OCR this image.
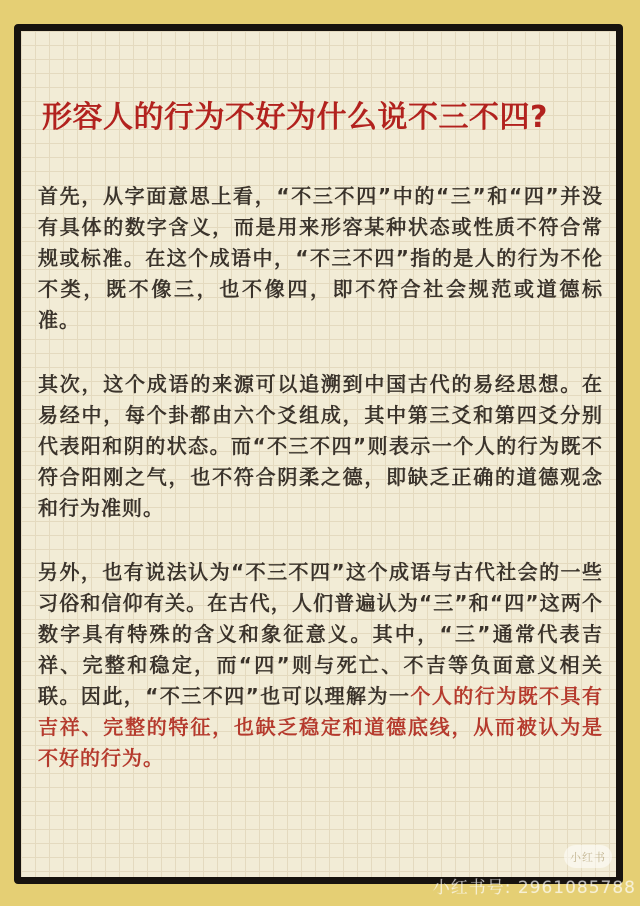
形容人的行为不好为什么说不三不四?

首先，从字面意思上看，“不三不四”中的“三”和“四”并没有具体的数字含义，而是用来形容某种状态或性质不符合常规或标准。在这个成语中，“不三不四”指的是人的行为不伦不类，既不像三，也不像四，即不符合社会规范或道德标准。

其次，这个成语的来源可以追溯到中国古代的易经思想。在易经中，每个卦都由六个爻组成，其中第三爻和第四爻分别代表阳和阴的状态。而“不三不四”则表示一个人的行为既不符合阳刚之气，也不符合阴柔之德，即缺乏正确的道德观念和行为准则。

另外，也有说法认为“不三不四”这个成语与古代社会的一些习俗和信仰有关。在古代，人们普遍认为“三”和“四”这两个数字具有特殊的含义和象征意义。其中，“三”通常代表吉祥、完整和稳定，而“四”则与死亡、不吉等负面意义相关联。因此，“不三不四”也可以理解为一个人的行为既不具有吉祥、完整的特征，也缺乏稳定和道德底线，从而被认为是不好的行为。

小红书
小红书号: 2961085788
